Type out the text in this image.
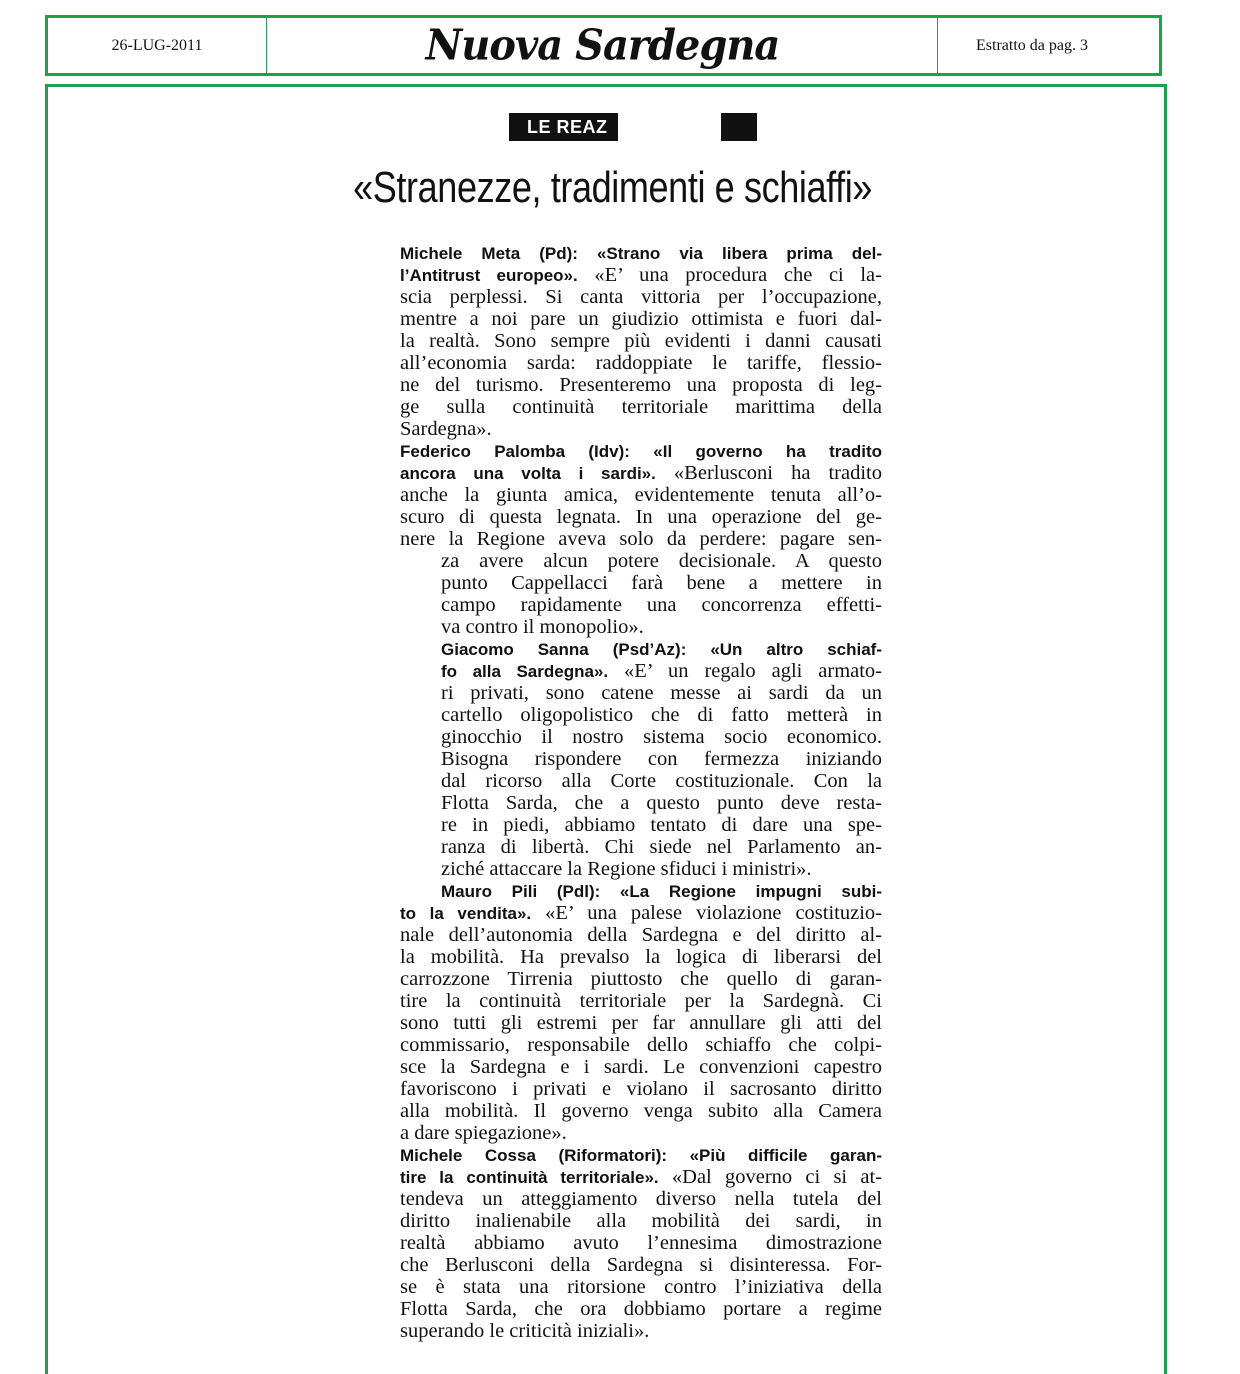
26-LUG-2011	Nuova Sardegna	Estratto da pag. 3
LE REAZ
«Stranezze, tradimenti e schiaffi»
Michele Meta (Pd): «Strano via libera prima del-
l’Antitrust europeo». «E’ una procedura che ci la-
scia perplessi. Si canta vittoria per l’occupazione,
mentre a noi pare un giudizio ottimista e fuori dal-
la realtà. Sono sempre più evidenti i danni causati
all’economia sarda: raddoppiate le tariffe, flessio-
ne del turismo. Presenteremo una proposta di leg-
ge sulla continuità territoriale marittima della
Sardegna».
Federico Palomba (Idv): «Il governo ha tradito
ancora una volta i sardi». «Berlusconi ha tradito
anche la giunta amica, evidentemente tenuta all’o-
scuro di questa legnata. In una operazione del ge-
nere la Regione aveva solo da perdere: pagare sen-
za avere alcun potere decisionale. A questo
punto Cappellacci farà bene a mettere in
campo rapidamente una concorrenza effetti-
va contro il monopolio».
Giacomo Sanna (Psd’Az): «Un altro schiaf-
fo alla Sardegna». «E’ un regalo agli armato-
ri privati, sono catene messe ai sardi da un
cartello oligopolistico che di fatto metterà in
ginocchio il nostro sistema socio economico.
Bisogna rispondere con fermezza iniziando
dal ricorso alla Corte costituzionale. Con la
Flotta Sarda, che a questo punto deve resta-
re in piedi, abbiamo tentato di dare una spe-
ranza di libertà. Chi siede nel Parlamento an-
ziché attaccare la Regione sfiduci i ministri».
Mauro Pili (Pdl): «La Regione impugni subi-
to la vendita». «E’ una palese violazione costituzio-
nale dell’autonomia della Sardegna e del diritto al-
la mobilità. Ha prevalso la logica di liberarsi del
carrozzone Tirrenia piuttosto che quello di garan-
tire la continuità territoriale per la Sardegnà. Ci
sono tutti gli estremi per far annullare gli atti del
commissario, responsabile dello schiaffo che colpi-
sce la Sardegna e i sardi. Le convenzioni capestro
favoriscono i privati e violano il sacrosanto diritto
alla mobilità. Il governo venga subito alla Camera
a dare spiegazione».
Michele Cossa (Riformatori): «Più difficile garan-
tire la continuità territoriale». «Dal governo ci si at-
tendeva un atteggiamento diverso nella tutela del
diritto inalienabile alla mobilità dei sardi, in
realtà abbiamo avuto l’ennesima dimostrazione
che Berlusconi della Sardegna si disinteressa. For-
se è stata una ritorsione contro l’iniziativa della
Flotta Sarda, che ora dobbiamo portare a regime
superando le criticità iniziali».
